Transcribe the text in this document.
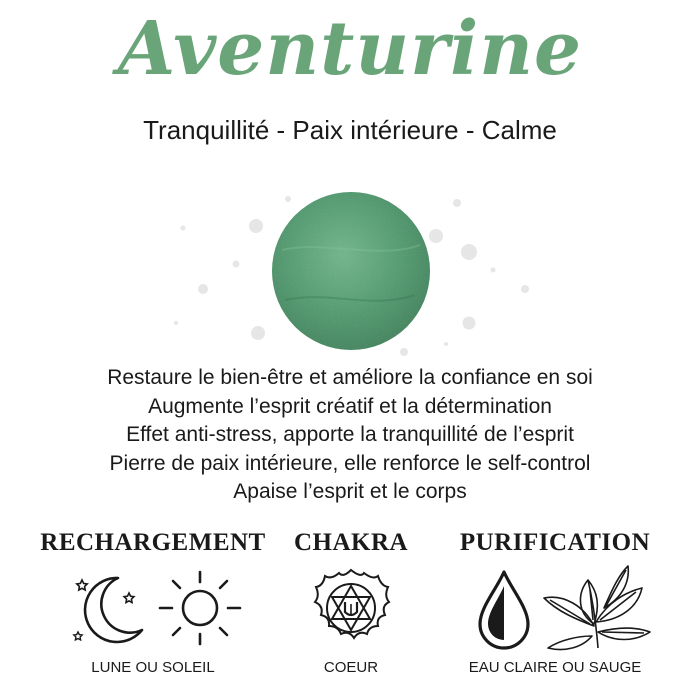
Aventurine
Tranquillité - Paix intérieure - Calme
Restaure le bien-être et améliore la confiance en soi
Augmente l’esprit créatif et la détermination
Effet anti-stress, apporte la tranquillité de l’esprit
Pierre de paix intérieure, elle renforce le self-control
Apaise l’esprit et le corps
RECHARGEMENT
LUNE OU SOLEIL
CHAKRA
COEUR
PURIFICATION
EAU CLAIRE OU SAUGE
